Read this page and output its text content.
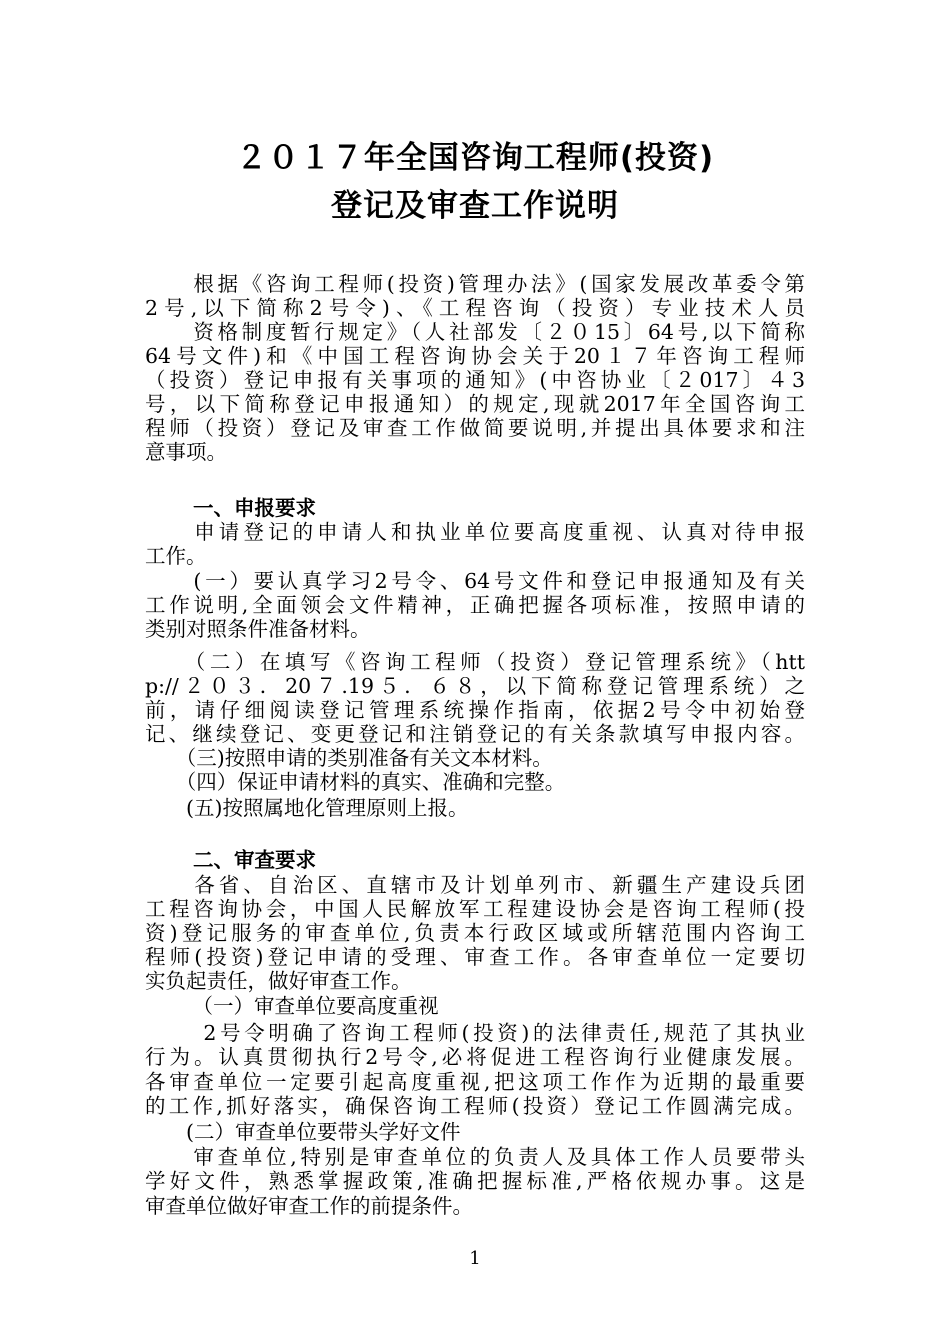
２０１７年全国咨询工程师(投资)
登记及审查工作说明
　　根据《咨询工程师(投资)管理办法》(国家发展改革委令第
2号,以下简称2号令)、《工程咨询（投资）专业技术人员
　　资格制度暂行规定》（人社部发〔２０15〕64号,以下简称
64号文件)和《中国工程咨询协会关于20１７年咨询工程师
（投资）登记申报有关事项的通知》(中咨协业〔２017〕４3
号，以下简称登记申报通知）的规定,现就2017年全国咨询工
程师（投资）登记及审查工作做简要说明,并提出具体要求和注
意事项。
一、申报要求
　　申请登记的申请人和执业单位要高度重视、认真对待申报
工作。
　　(一）要认真学习2号令、64号文件和登记申报通知及有关
工作说明,全面领会文件精神，正确把握各项标准，按照申请的
类别对照条件准备材料。
　　（二）在填写《咨询工程师（投资）登记管理系统》（htt
p://２０３．20７.19５．６８，以下简称登记管理系统）之
前，请仔细阅读登记管理系统操作指南，依据2号令中初始登
记、继续登记、变更登记和注销登记的有关条款填写申报内容。
　　（三)按照申请的类别准备有关文本材料。
　　（四）保证申请材料的真实、准确和完整。
　　(五)按照属地化管理原则上报。
二、审查要求
　　各省、自治区、直辖市及计划单列市、新疆生产建设兵团
工程咨询协会，中国人民解放军工程建设协会是咨询工程师(投
资)登记服务的审查单位,负责本行政区域或所辖范围内咨询工
程师(投资)登记申请的受理、审查工作。各审查单位一定要切
实负起责任，做好审查工作。
　　 （一）审查单位要高度重视
　　 2号令明确了咨询工程师(投资)的法律责任,规范了其执业
行为。认真贯彻执行2号令,必将促进工程咨询行业健康发展。
各审查单位一定要引起高度重视,把这项工作作为近期的最重要
的工作,抓好落实，确保咨询工程师(投资）登记工作圆满完成。
　　(二）审查单位要带头学好文件
　　审查单位,特别是审查单位的负责人及具体工作人员要带头
学好文件，熟悉掌握政策,准确把握标准,严格依规办事。这是
审查单位做好审查工作的前提条件。
1
